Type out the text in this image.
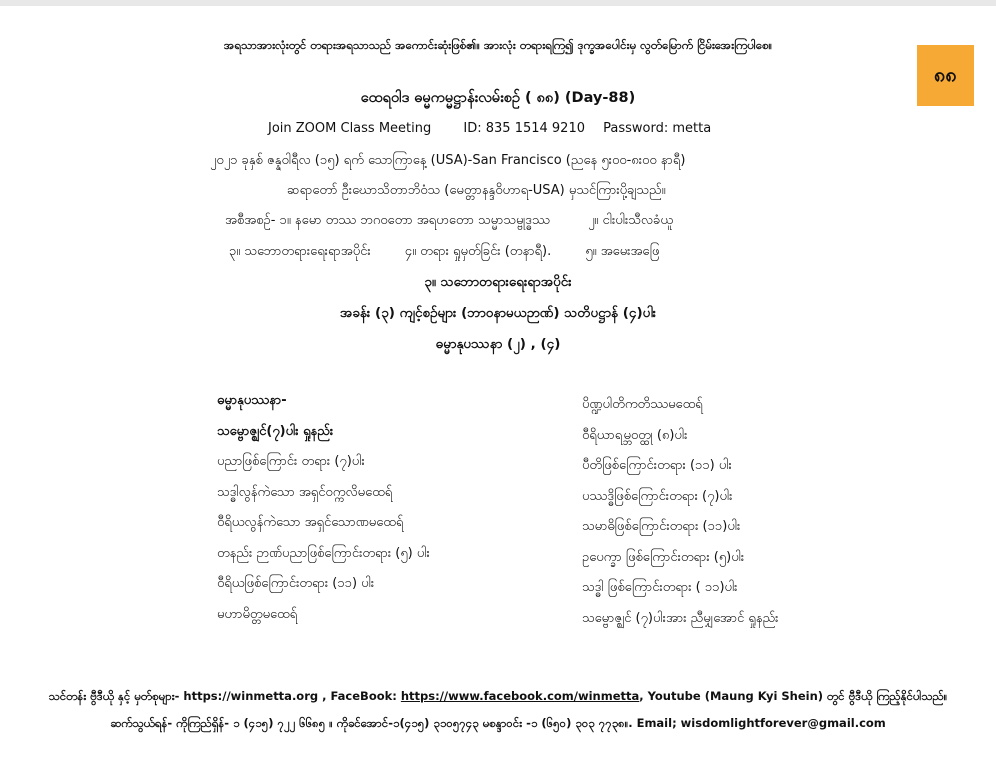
အရသာအားလုံးတွင် တရားအရသာသည် အကောင်းဆုံးဖြစ်၏။ အားလုံး တရားရကြ၍ ဒုက္ခအပေါင်းမှ လွတ်မြောက် ငြိမ်းအေးကြပါစေ။
၈၈
ထေရဝါဒ ဓမ္မကမ္မဋ္ဌာန်းလမ်းစဉ် ( ၈၈) (Day-88)
Join ZOOM Class Meeting ID: 835 1514 9210 Password: metta
၂၀၂၁ ခုနှစ် ဇန္နဝါရီလ (၁၅) ရက် သောကြာနေ့ (USA)-San Francisco (ညနေ ၅း၀၀-၈း၀၀ နာရီ)
ဆရာတော် ဦးဃောသိတာဘိဝံသ (မေတ္တာနန္ဒဝိဟာရ-USA) မှသင်ကြားပို့ချသည်။
အစီအစဉ်- ၁။ နမော တဿ ဘဂဝတော အရဟတော သမ္မာသမ္ဗုဒ္ဓဿ	၂။ ငါးပါးသီလခံယူ
၃။ သဘောတရားရေးရာအပိုင်း	၄။ တရား ရှုမှတ်ခြင်း (တနာရီ).	၅။ အမေးအဖြေ
၃။ သဘောတရားရေးရာအပိုင်း
အခန်း (၃) ကျင့်စဉ်များ (ဘာဝနာမယဉာဏ်) သတိပဋ္ဌာန် (၄)ပါး
ဓမ္မာနုပဿနာ (၂) , (၄)
ဓမ္မာနုပဿနာ-
သမ္ဗောဇ္ဈင်(၇)ပါး ရှုနည်း
ပညာဖြစ်ကြောင်း တရား (၇)ပါး
သဒ္ဓါလွန်ကဲသော အရှင်ဝက္ကလိမထေရ်
ဝီရိယလွန်ကဲသော အရှင်သောဏမထေရ်
တနည်း ဉာဏ်ပညာဖြစ်ကြောင်းတရား (၅) ပါး
ဝီရိယဖြစ်ကြောင်းတရား (၁၁) ပါး
မဟာမိတ္တမထေရ်
ပိဏ္ဍပါတိကတိဿမထေရ်
ဝီရိယာရမ္ဘဝတ္ထု (၈)ပါး
ပီတိဖြစ်ကြောင်းတရား (၁၁) ပါး
ပဿဒ္ဓိဖြစ်ကြောင်းတရား (၇)ပါး
သမာဓိဖြစ်ကြောင်းတရား (၁၁)ပါး
ဥပေက္ခာ ဖြစ်ကြောင်းတရား (၅)ပါး
သဒ္ဓါ ဖြစ်ကြောင်းတရား ( ၁၁)ပါး
သမ္ဗောဇ္ဈင် (၇)ပါးအား ညီမျှအောင် ရှုနည်း
သင်တန်း ဗွီဒီယို နှင့် မှတ်စုများ- https://winmetta.org , FaceBook: https://www.facebook.com/winmetta, Youtube (Maung Kyi Shein) တွင် ဗွီဒီယို ကြည့်နိုင်ပါသည်။
ဆက်သွယ်ရန်- ကိုကြည်ရှိန်- ၁ (၄၁၅) ၇၂၂ ၆၆၈၅ ။ ကိုခင်အောင်-၁(၄၁၅) ၃၁၀၅၇၄၃ မစန္ဒာဝင်း -၁ (၆၅၀) ၃၀၃ ၇၇၃၈။. Email; wisdomlightforever@gmail.com
